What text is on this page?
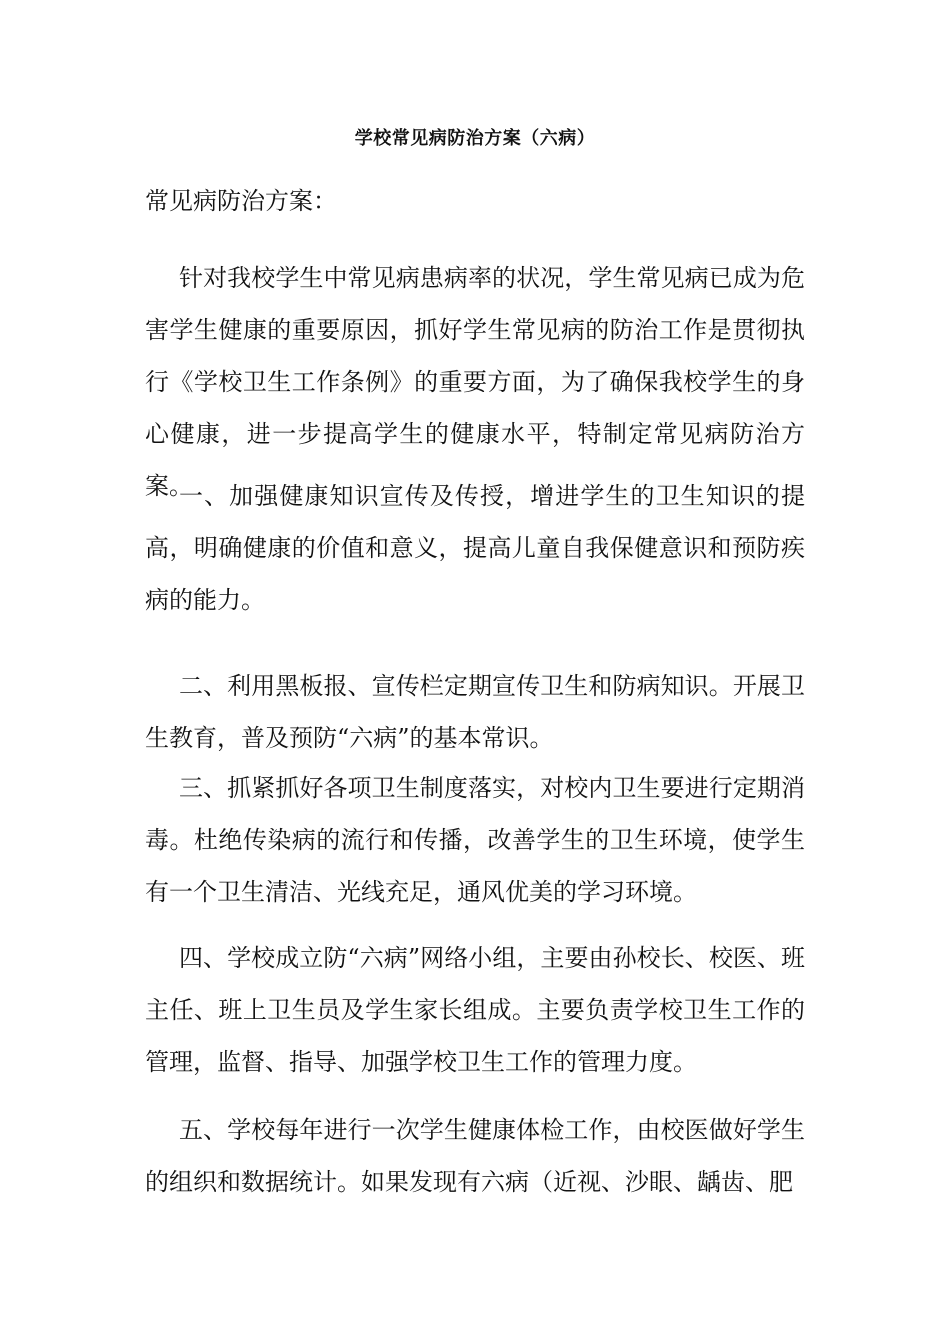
学校常见病防治方案（六病）
常见病防治方案：

针对我校学生中常见病患病率的状况，学生常见病已成为危害学生健康的重要原因，抓好学生常见病的防治工作是贯彻执行《学校卫生工作条例》的重要方面，为了确保我校学生的身心健康，进一步提高学生的健康水平，特制定常见病防治方案。

一、加强健康知识宣传及传授，增进学生的卫生知识的提高，明确健康的价值和意义，提高儿童自我保健意识和预防疾病的能力。

二、利用黑板报、宣传栏定期宣传卫生和防病知识。开展卫生教育，普及预防“六病”的基本常识。

三、抓紧抓好各项卫生制度落实，对校内卫生要进行定期消毒。杜绝传染病的流行和传播，改善学生的卫生环境，使学生有一个卫生清洁、光线充足，通风优美的学习环境。

四、学校成立防“六病”网络小组，主要由孙校长、校医、班主任、班上卫生员及学生家长组成。主要负责学校卫生工作的管理，监督、指导、加强学校卫生工作的管理力度。

五、学校每年进行一次学生健康体检工作，由校医做好学生的组织和数据统计。如果发现有六病（近视、沙眼、龋齿、肥
